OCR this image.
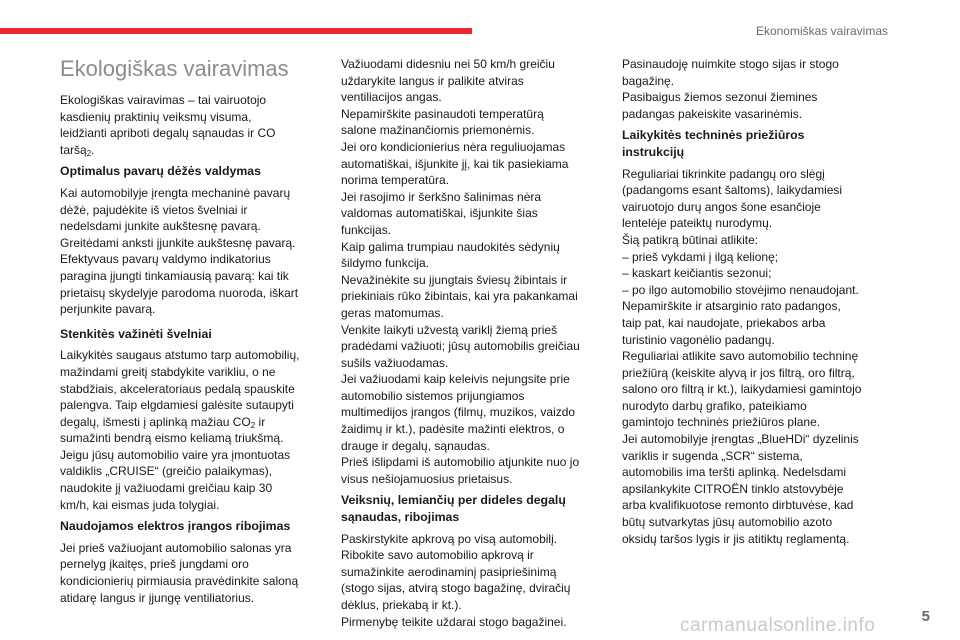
Ekonomiškas vairavimas
Ekologiškas vairavimas

Ekologiškas vairavimas – tai vairuotojo kasdienių praktinių veiksmų visuma, leidžianti apriboti degalų sąnaudas ir CO taršą$_2$.

Optimalus pavarų dėžės valdymas

Kai automobilyje įrengta mechaninė pavarų dėžė, pajudėkite iš vietos švelniai ir nedelsdami junkite aukštesnę pavarą. Greitėdami anksti įjunkite aukštesnę pavarą.
Efektyvaus pavarų valdymo indikatorius paragina įjungti tinkamiausią pavarą: kai tik prietaisų skydelyje parodoma nuoroda, iškart perjunkite pavarą.

Stenkitės važinėti švelniai

Laikykitės saugaus atstumo tarp automobilių, mažindami greitį stabdykite varikliu, o ne stabdžiais, akceleratoriaus pedalą spauskite palengva. Taip elgdamiesi galėsite sutaupyti degalų, išmesti į aplinką mažiau $CO_2$ ir sumažinti bendrą eismo keliamą triukšmą.
Jeigu jūsų automobilio vaire yra įmontuotas valdiklis „CRUISE“ (greičio palaikymas), naudokite jį važiuodami greičiau kaip 30 km/h, kai eismas juda tolygiai.

Naudojamos elektros įrangos ribojimas

Jei prieš važiuojant automobilio salonas yra pernelyg įkaitęs, prieš jungdami oro kondicionierių pirmiausia pravėdinkite saloną atidarę langus ir įjungę ventiliatorius.

Važiuodami didesniu nei 50 km/h greičiu uždarykite langus ir palikite atviras ventiliacijos angas.
Nepamirškite pasinaudoti temperatūrą salone mažinančiomis priemonėmis.
Jei oro kondicionierius nėra reguliuojamas automatiškai, išjunkite jį, kai tik pasiekiama norima temperatūra.
Jei rasojimo ir šerkšno šalinimas nėra valdomas automatiškai, išjunkite šias funkcijas.
Kaip galima trumpiau naudokitės sėdynių šildymo funkcija.
Nevažinėkite su įjungtais šviesų žibintais ir priekiniais rūko žibintais, kai yra pakankamai geras matomumas.
Venkite laikyti užvestą variklį žiemą prieš pradėdami važiuoti; jūsų automobilis greičiau sušils važiuodamas.
Jei važiuodami kaip keleivis nejungsite prie automobilio sistemos prijungiamos multimedijos įrangos (filmų, muzikos, vaizdo žaidimų ir kt.), padėsite mažinti elektros, o drauge ir degalų, sąnaudas.
Prieš išlipdami iš automobilio atjunkite nuo jo visus nešiojamuosius prietaisus.

Veiksnių, lemiančių per dideles degalų sąnaudas, ribojimas

Paskirstykite apkrovą po visą automobilį.
Ribokite savo automobilio apkrovą ir sumažinkite aerodinaminį pasipriešinimą (stogo sijas, atvirą stogo bagažinę, dviračių dėklus, priekabą ir kt.).
Pirmenybę teikite uždarai stogo bagažinei.

Pasinaudoję nuimkite stogo sijas ir stogo bagažinę.
Pasibaigus žiemos sezonui žiemines padangas pakeiskite vasarinėmis.

Laikykitės techninės priežiūros instrukcijų

Reguliariai tikrinkite padangų oro slėgį (padangoms esant šaltoms), laikydamiesi vairuotojo durų angos šone esančioje lentelėje pateiktų nurodymų.
Šią patikrą būtinai atlikite:
– prieš vykdami į ilgą kelionę;
– kaskart keičiantis sezonui;
– po ilgo automobilio stovėjimo nenaudojant.
Nepamirškite ir atsarginio rato padangos, taip pat, kai naudojate, priekabos arba turistinio vagonėlio padangų.
Reguliariai atlikite savo automobilio techninę priežiūrą (keiskite alyvą ir jos filtrą, oro filtrą, salono oro filtrą ir kt.), laikydamiesi gamintojo nurodyto darbų grafiko, pateikiamo gamintojo techninės priežiūros plane.
Jei automobilyje įrengtas „BlueHDi“ dyzelinis variklis ir sugenda „SCR“ sistema, automobilis ima teršti aplinką. Nedelsdami apsilankykite CITROËN tinklo atstovybėje arba kvalifikuotose remonto dirbtuvėse, kad būtų sutvarkytas jūsų automobilio azoto oksidų taršos lygis ir jis atitiktų reglamentą.

5
carmanualsonline.info
